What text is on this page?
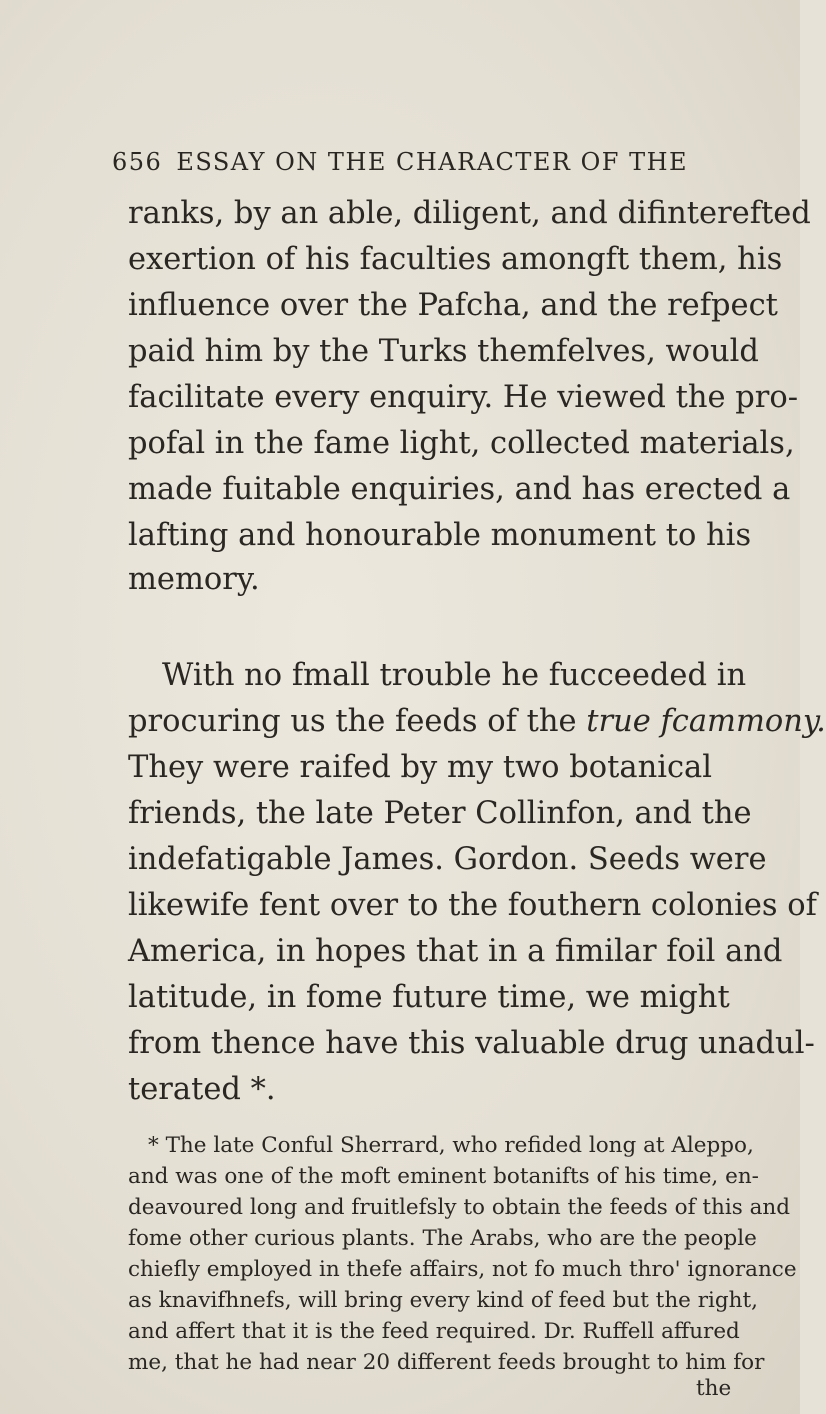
656 ESSAY ON THE CHARACTER OF THE
ranks, by an able, diligent, and difinterefted
exertion of his faculties amongft them, his
influence over the Pafcha, and the refpect
paid him by the Turks themfelves, would
facilitate every enquiry. He viewed the pro-
pofal in the fame light, collected materials,
made fuitable enquiries, and has erected a
lafting and honourable monument to his
memory.
With no fmall trouble he fucceeded in
procuring us the feeds of the true fcammony.
They were raifed by my two botanical
friends, the late Peter Collinfon, and the
indefatigable James. Gordon. Seeds were
likewife fent over to the fouthern colonies of
America, in hopes that in a fimilar foil and
latitude, in fome future time, we might
from thence have this valuable drug unadul-
terated *.
* The late Conful Sherrard, who refided long at Aleppo,
and was one of the moft eminent botanifts of his time, en-
deavoured long and fruitlefsly to obtain the feeds of this and
fome other curious plants. The Arabs, who are the people
chiefly employed in thefe affairs, not fo much thro' ignorance
as knavifhnefs, will bring every kind of feed but the right,
and affert that it is the feed required. Dr. Ruffell affured
me, that he had near 20 different feeds brought to him for
the
